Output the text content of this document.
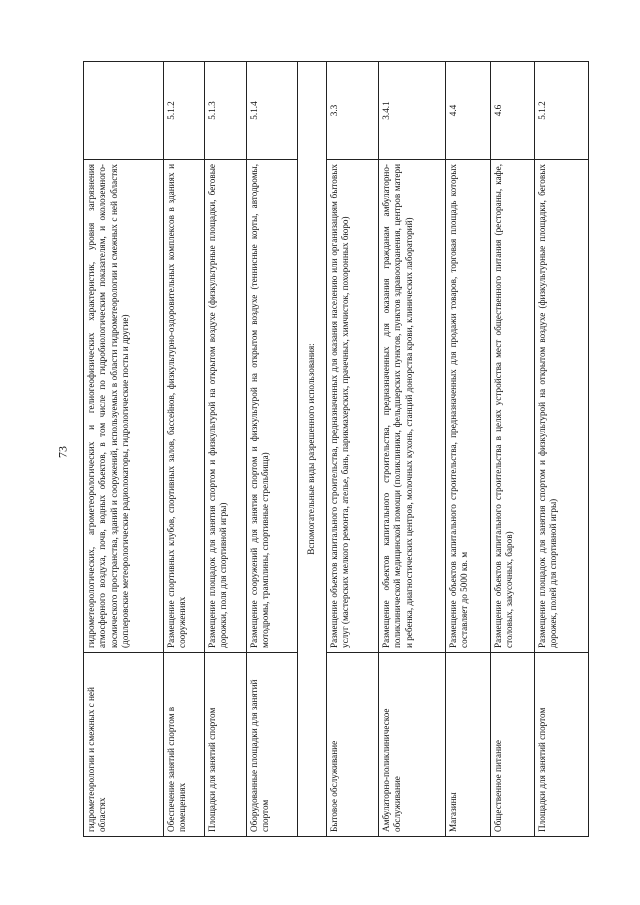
73
гидрометеорологии и смежных с ней областях	гидрометеорологических, агрометеорологических и гелиогеофизических характеристик, уровня загрязнения атмосферного воздуха, почв, водных объектов, в том числе по гидробиологическим показателям, и околоземного-космического пространства, зданий и сооружений, используемых в области гидрометеорологии и смежных с ней областях (доплеровские метеорологические радиолокаторы, гидрологические посты и другие)	
Обеспечение занятий спортом в помещениях	Размещение спортивных клубов, спортивных залов, бассейнов, физкультурно-оздоровительных комплексов в зданиях и сооружениях	5.1.2
Площадки для занятий спортом	Размещение площадок для занятия спортом и физкультурой на открытом воздухе (физкультурные площадки, беговые дорожки, поля для спортивной игры)	5.1.3
Оборудованные площадки для занятий спортом	Размещение сооружений для занятия спортом и физкультурой на открытом воздухе (теннисные корты, автодромы, мотодромы, трамплины, спортивные стрельбища)	5.1.4
Вспомогательные виды разрешенного использования:		
Бытовое обслуживание	Размещение объектов капитального строительства, предназначенных для оказания населению или организациям бытовых услуг (мастерских мелкого ремонта, ателье, бань, парикмахерских, прачечных, химчисток, похоронных бюро)	3.3
Амбулаторно-поликлиническое обслуживание	Размещение объектов капитального строительства, предназначенных для оказания гражданам амбулаторно-поликлинической медицинской помощи (поликлиники, фельдшерских пунктов, пунктов здравоохранения, центров матери и ребенка, диагностических центров, молочных кухонь, станций донорства крови, клинических лабораторий)	3.4.1
Магазины	Размещение объектов капитального строительства, предназначенных для продажи товаров, торговая площадь которых составляет до 5000 кв. м	4.4
Общественное питание	Размещение объектов капитального строительства в целях устройства мест общественного питания (рестораны, кафе, столовых, закусочных, баров)	4.6
Площадки для занятий спортом	Размещение площадок для занятия спортом и физкультурой на открытом воздухе (физкультурные площадки, беговых дорожек, полей для спортивной игры)	5.1.2
